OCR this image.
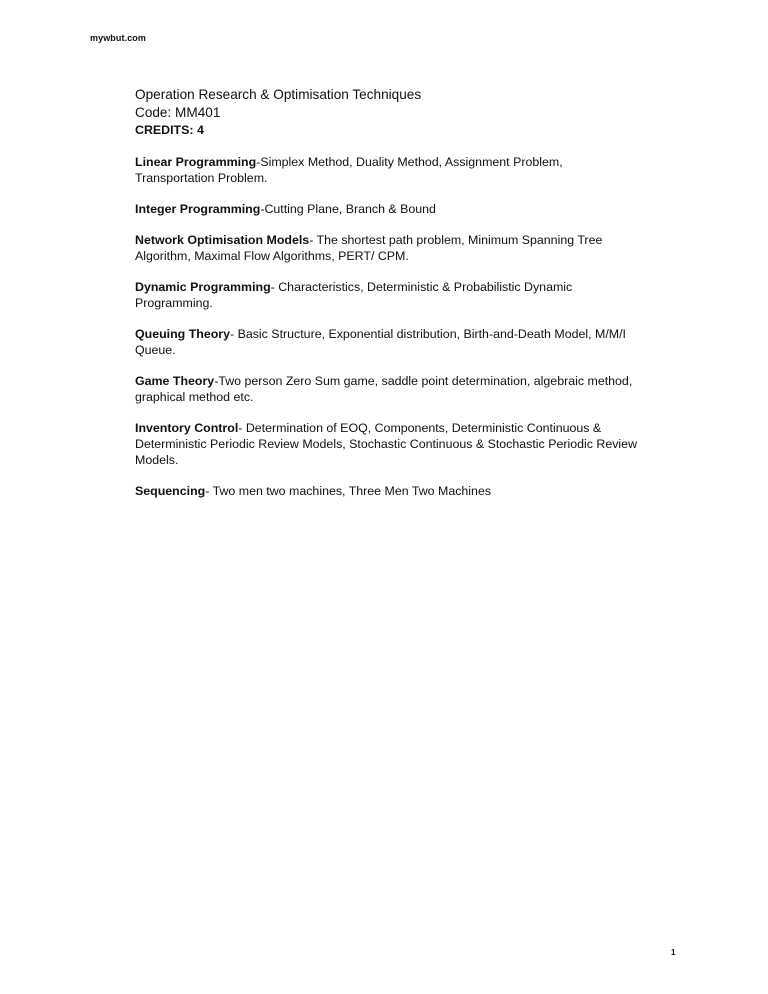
mywbut.com
Operation Research & Optimisation Techniques
Code: MM401
CREDITS: 4
Linear Programming-Simplex Method, Duality Method, Assignment Problem, Transportation Problem.
Integer Programming-Cutting Plane, Branch & Bound
Network Optimisation Models- The shortest path problem, Minimum Spanning Tree Algorithm, Maximal Flow Algorithms, PERT/ CPM.
Dynamic Programming- Characteristics, Deterministic & Probabilistic Dynamic Programming.
Queuing Theory- Basic Structure, Exponential distribution, Birth-and-Death Model, M/M/I Queue.
Game Theory-Two person Zero Sum game, saddle point determination, algebraic method, graphical method etc.
Inventory Control- Determination of EOQ, Components, Deterministic Continuous & Deterministic Periodic Review Models, Stochastic Continuous & Stochastic Periodic Review Models.
Sequencing- Two men two machines, Three Men Two Machines
1
